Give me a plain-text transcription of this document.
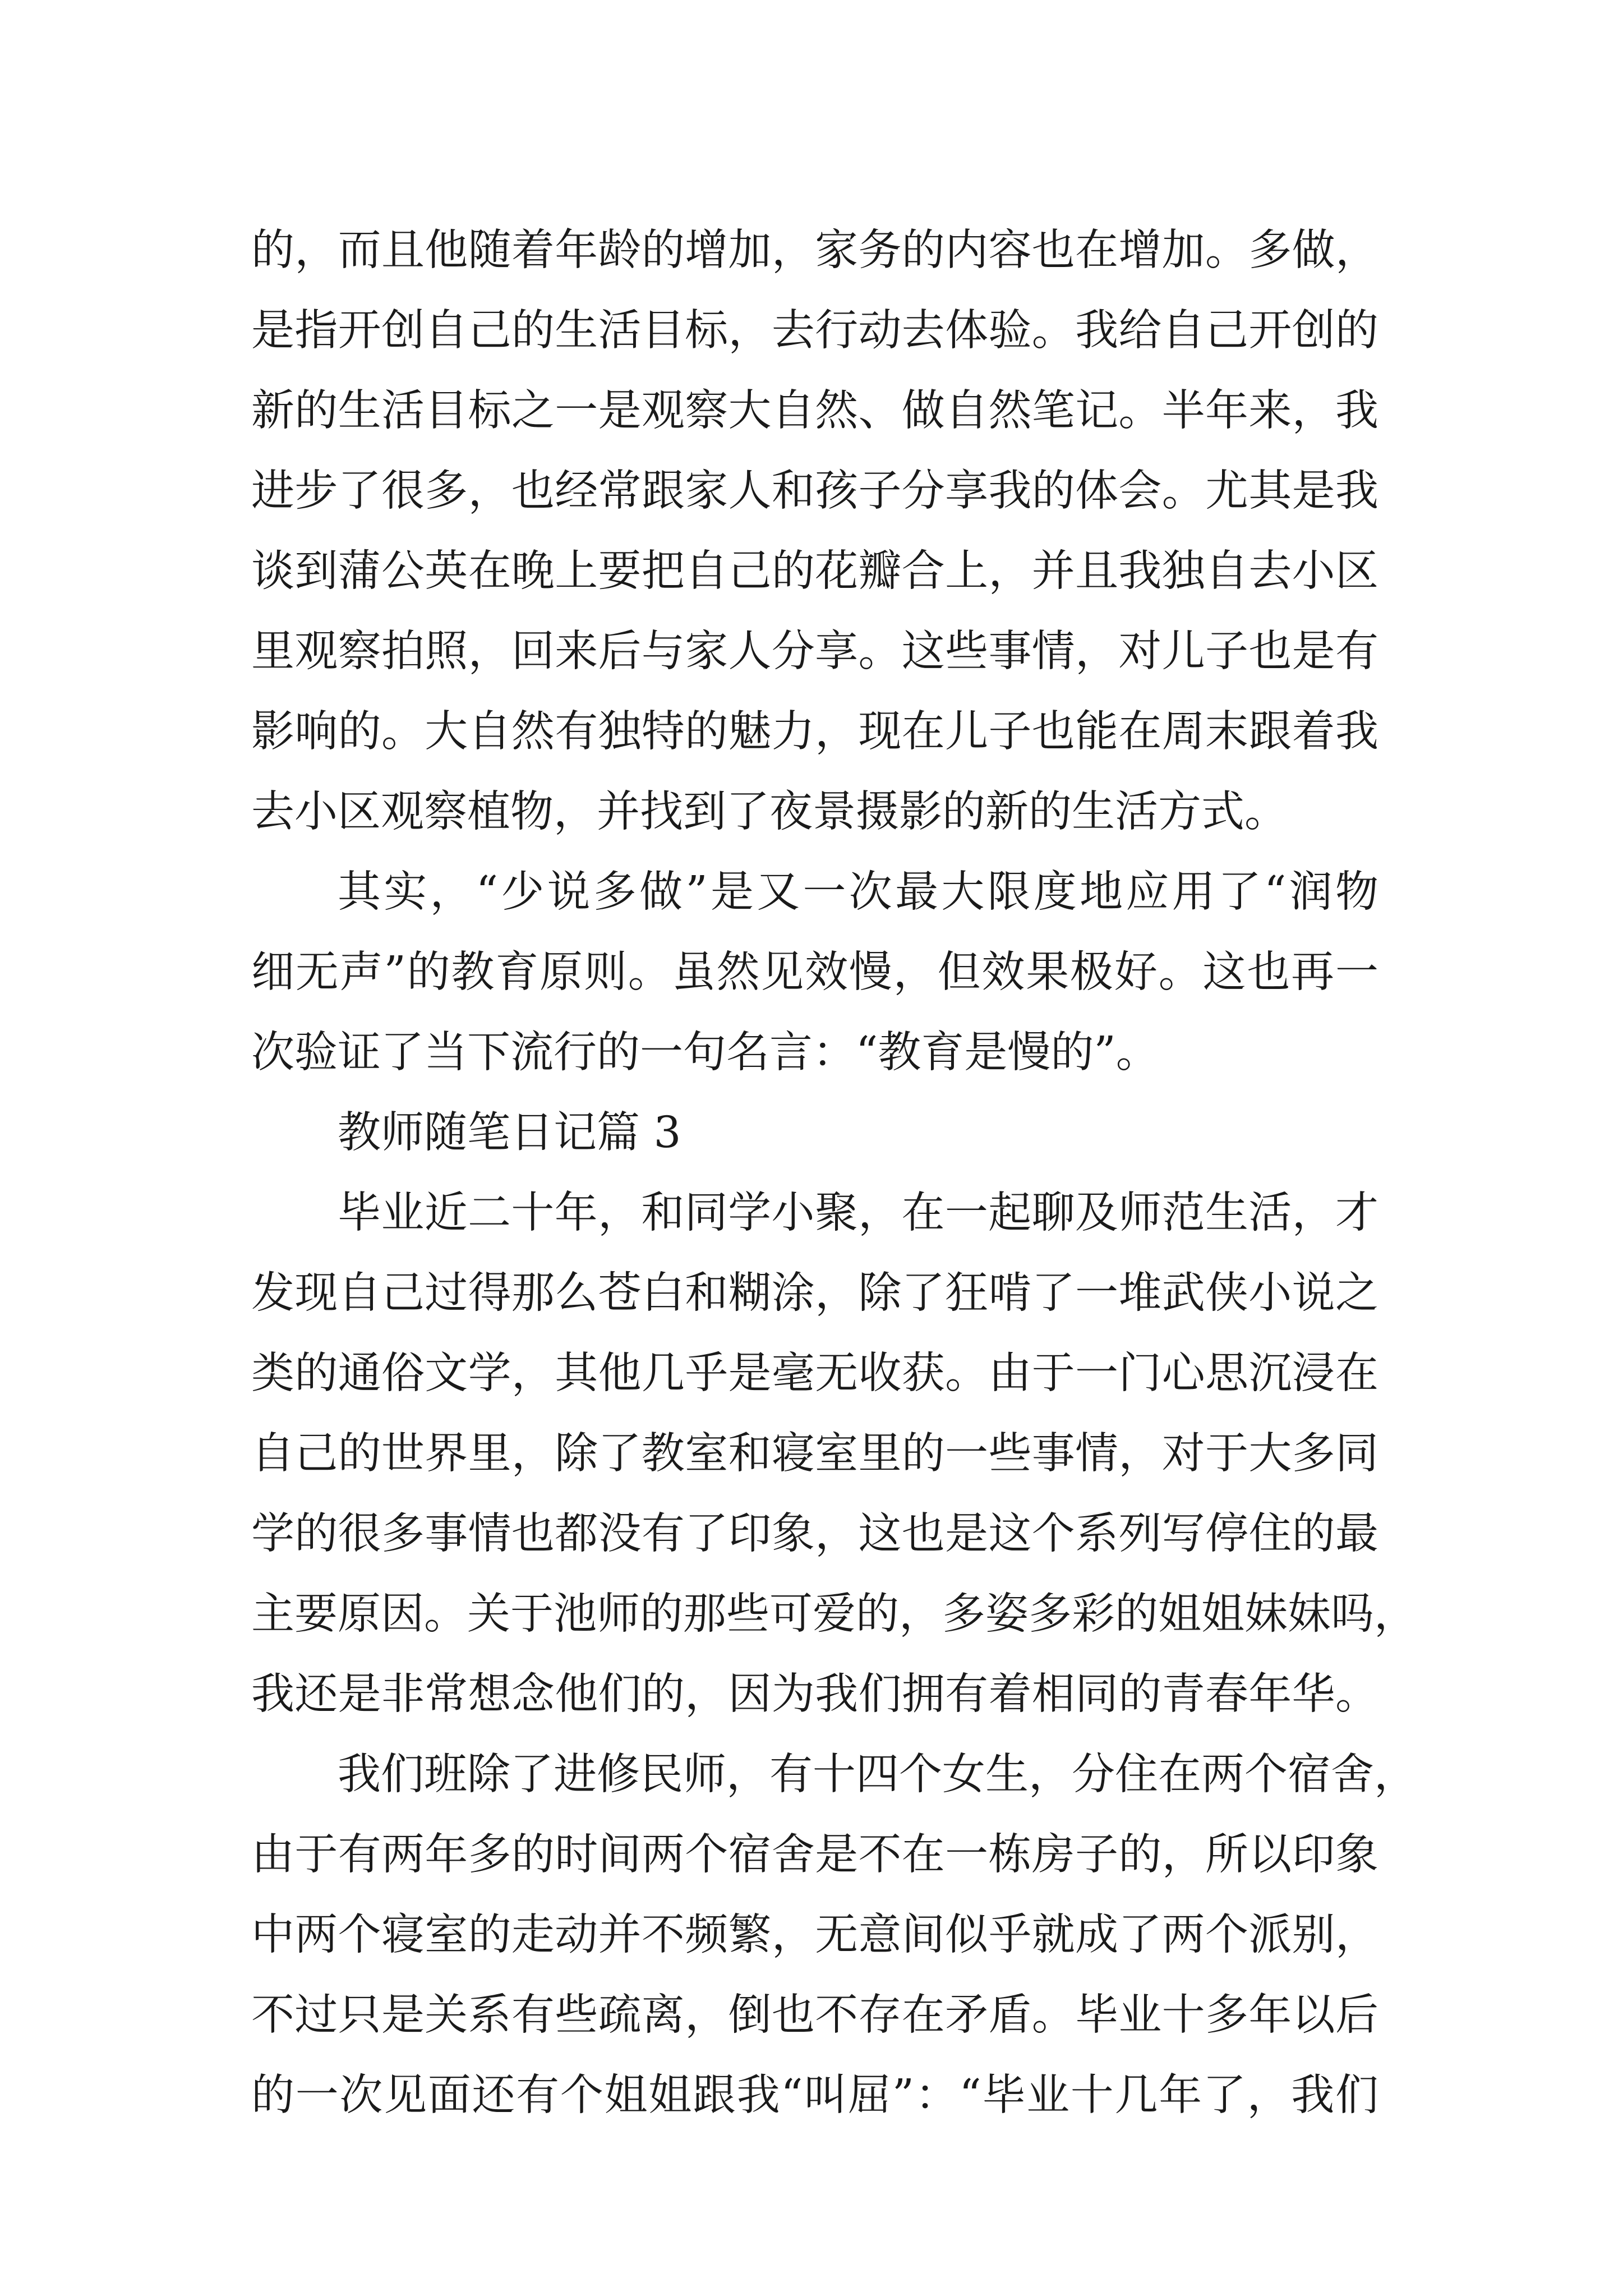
的，而且他随着年龄的增加，家务的内容也在增加。多做，
是指开创自己的生活目标，去行动去体验。我给自己开创的
新的生活目标之一是观察大自然、做自然笔记。半年来，我
进步了很多，也经常跟家人和孩子分享我的体会。尤其是我
谈到蒲公英在晚上要把自己的花瓣合上，并且我独自去小区
里观察拍照，回来后与家人分享。这些事情，对儿子也是有
影响的。大自然有独特的魅力，现在儿子也能在周末跟着我
去小区观察植物，并找到了夜景摄影的新的生活方式。
其实，“少说多做”是又一次最大限度地应用了“润物
细无声”的教育原则。虽然见效慢，但效果极好。这也再一
次验证了当下流行的一句名言：“教育是慢的”。
教师随笔日记篇 3
毕业近二十年，和同学小聚，在一起聊及师范生活，才
发现自己过得那么苍白和糊涂，除了狂啃了一堆武侠小说之
类的通俗文学，其他几乎是毫无收获。由于一门心思沉浸在
自己的世界里，除了教室和寝室里的一些事情，对于大多同
学的很多事情也都没有了印象，这也是这个系列写停住的最
主要原因。关于池师的那些可爱的，多姿多彩的姐姐妹妹吗，
我还是非常想念他们的，因为我们拥有着相同的青春年华。
我们班除了进修民师，有十四个女生，分住在两个宿舍，
由于有两年多的时间两个宿舍是不在一栋房子的，所以印象
中两个寝室的走动并不频繁，无意间似乎就成了两个派别，
不过只是关系有些疏离，倒也不存在矛盾。毕业十多年以后
的一次见面还有个姐姐跟我“叫屈”：“毕业十几年了，我们
